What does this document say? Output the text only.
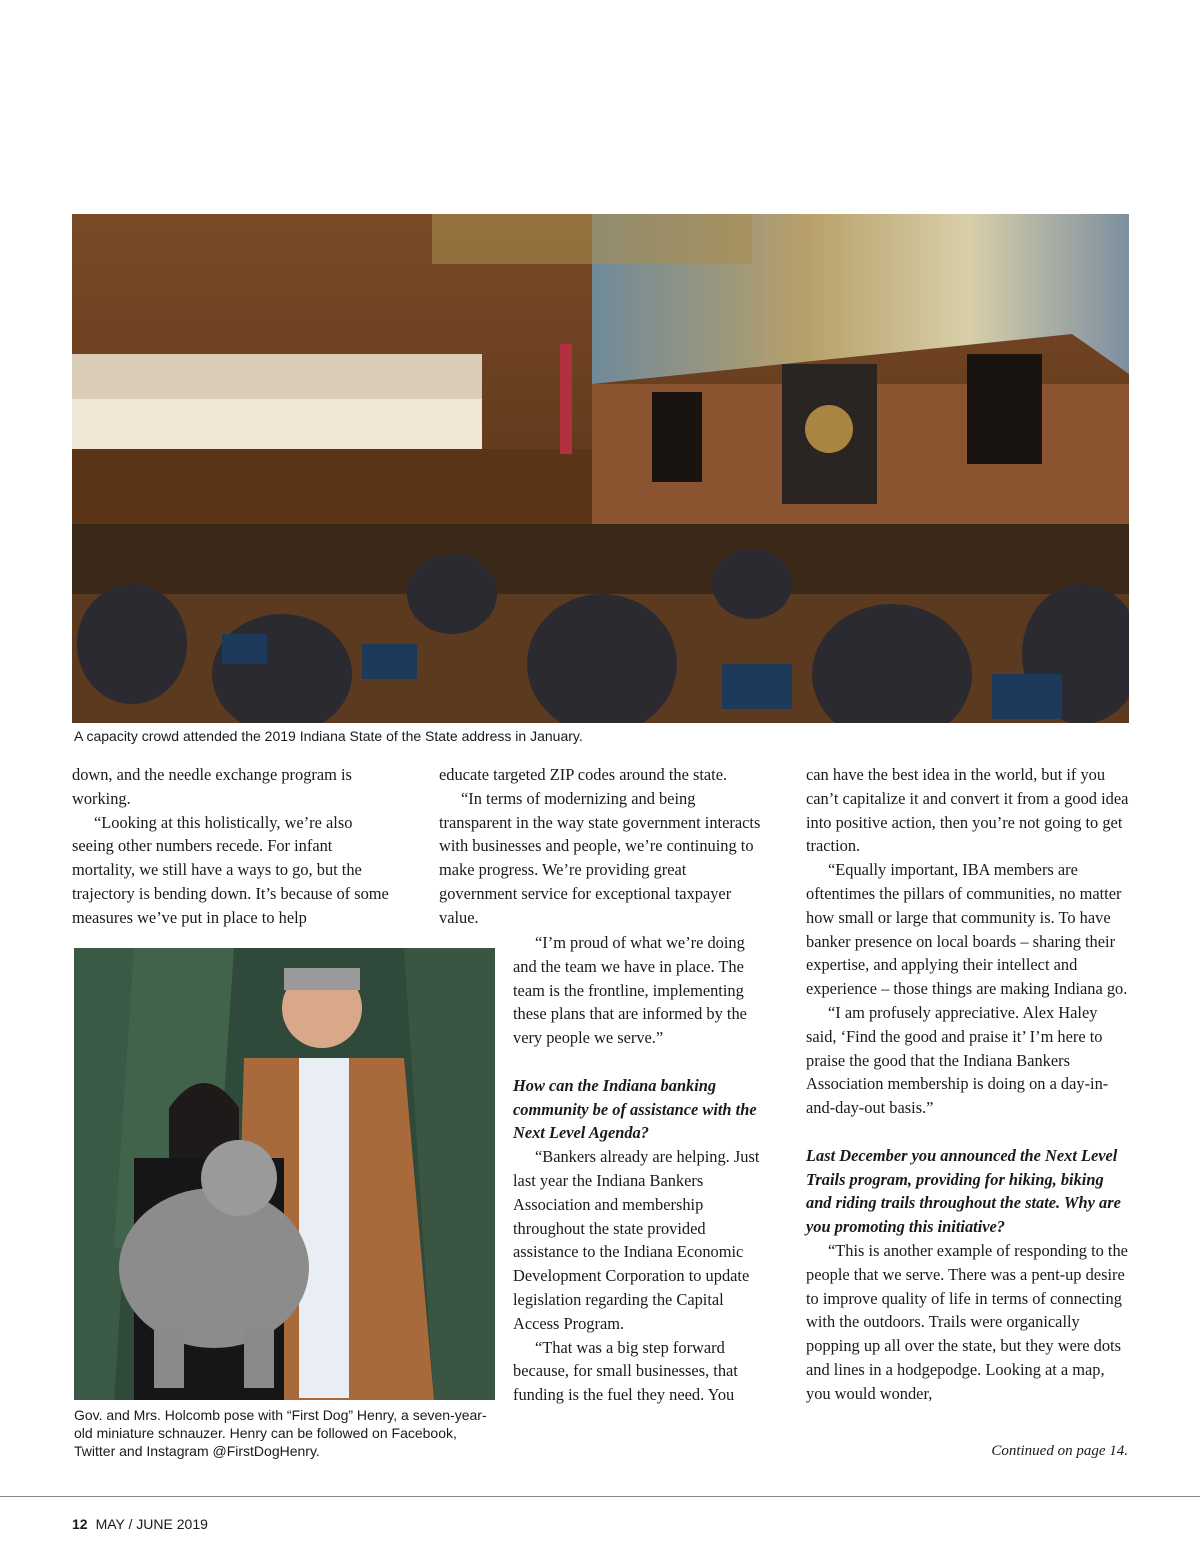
A capacity crowd attended the 2019 Indiana State of the State address in January.

down, and the needle exchange program is working.

“Looking at this holistically, we’re also seeing other numbers recede. For infant mortality, we still have a ways to go, but the trajectory is bending down. It’s because of some measures we’ve put in place to help

Gov. and Mrs. Holcomb pose with “First Dog” Henry, a seven-year-old miniature schnauzer. Henry can be followed on Facebook, Twitter and Instagram @FirstDogHenry.

educate targeted ZIP codes around the state.

“In terms of modernizing and being transparent in the way state government interacts with businesses and people, we’re continuing to make progress. We’re providing great government service for exceptional taxpayer value.

“I’m proud of what we’re doing and the team we have in place. The team is the frontline, implementing these plans that are informed by the very people we serve.”

How can the Indiana banking community be of assistance with the Next Level Agenda?

“Bankers already are helping. Just last year the Indiana Bankers Association and membership throughout the state provided assistance to the Indiana Economic Development Corporation to update legislation regarding the Capital Access Program.

“That was a big step forward because, for small businesses, that funding is the fuel they need. You

can have the best idea in the world, but if you can’t capitalize it and convert it from a good idea into positive action, then you’re not going to get traction.

“Equally important, IBA members are oftentimes the pillars of communities, no matter how small or large that community is. To have banker presence on local boards – sharing their expertise, and applying their intellect and experience – those things are making Indiana go.

“I am profusely appreciative. Alex Haley said, ‘Find the good and praise it’ I’m here to praise the good that the Indiana Bankers Association membership is doing on a day-in-and-day-out basis.”

Last December you announced the Next Level Trails program, providing for hiking, biking and riding trails throughout the state. Why are you promoting this initiative?

“This is another example of responding to the people that we serve. There was a pent-up desire to improve quality of life in terms of connecting with the outdoors. Trails were organically popping up all over the state, but they were dots and lines in a hodgepodge. Looking at a map, you would wonder,

Continued on page 14.
12 MAY / JUNE 2019
